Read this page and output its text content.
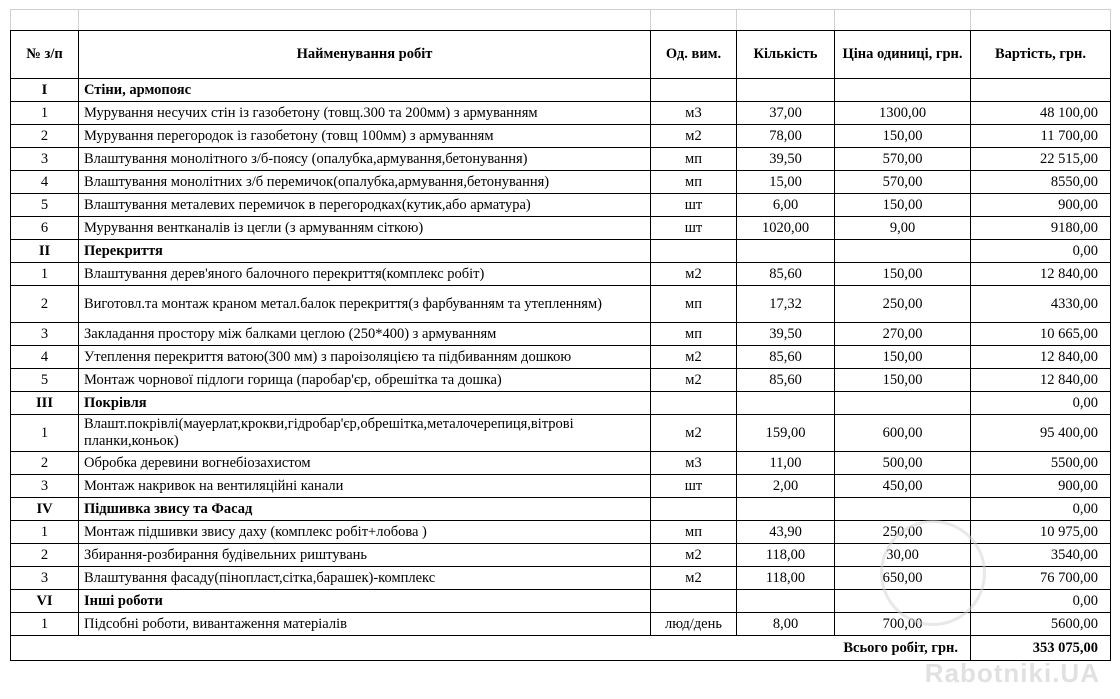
№ з/п	Найменування робіт	Од. вим.	Кількість	Ціна одиниці, грн.	Вартість, грн.
I	Стіни, армопояс				
1	Мурування несучих стін із газобетону (товщ.300 та 200мм) з армуванням	м3	37,00	1300,00	48 100,00
2	Мурування перегородок із газобетону (товщ 100мм) з армуванням	м2	78,00	150,00	11 700,00
3	Влаштування монолітного з/б-поясу (опалубка,армування,бетонування)	мп	39,50	570,00	22 515,00
4	Влаштування монолітних з/б перемичок(опалубка,армування,бетонування)	мп	15,00	570,00	8550,00
5	Влаштування металевих перемичок в перегородках(кутик,або арматура)	шт	6,00	150,00	900,00
6	Мурування вентканалів із цегли (з армуванням сіткою)	шт	1020,00	9,00	9180,00
II	Перекриття				0,00
1	Влаштування дерев'яного балочного перекриття(комплекс робіт)	м2	85,60	150,00	12 840,00
2	Виготовл.та монтаж краном метал.балок перекриття(з фарбуванням та утепленням)	мп	17,32	250,00	4330,00
3	Закладання простору між балками цеглою (250*400) з армуванням	мп	39,50	270,00	10 665,00
4	Утеплення перекриття ватою(300 мм) з пароізоляцією та підбиванням дошкою	м2	85,60	150,00	12 840,00
5	Монтаж чорнової підлоги горища (паробар'єр, обрешітка та дошка)	м2	85,60	150,00	12 840,00
III	Покрівля				0,00
1	Влашт.покрівлі(мауерлат,крокви,гідробар'єр,обрешітка,металочерепиця,вітрові планки,коньок)	м2	159,00	600,00	95 400,00
2	Обробка деревини вогнебіозахистом	м3	11,00	500,00	5500,00
3	Монтаж накривок на вентиляційні канали	шт	2,00	450,00	900,00
IV	Підшивка звису та Фасад				0,00
1	Монтаж підшивки звису даху (комплекс робіт+лобова )	мп	43,90	250,00	10 975,00
2	Збирання-розбирання будівельних риштувань	м2	118,00	30,00	3540,00
3	Влаштування фасаду(пінопласт,сітка,барашек)-комплекс	м2	118,00	650,00	76 700,00
VI	Інші роботи				0,00
1	Підсобні роботи, вивантаження матеріалів	люд/день	8,00	700,00	5600,00
Всього робіт, грн.					353 075,00
Rabotniki.UA
